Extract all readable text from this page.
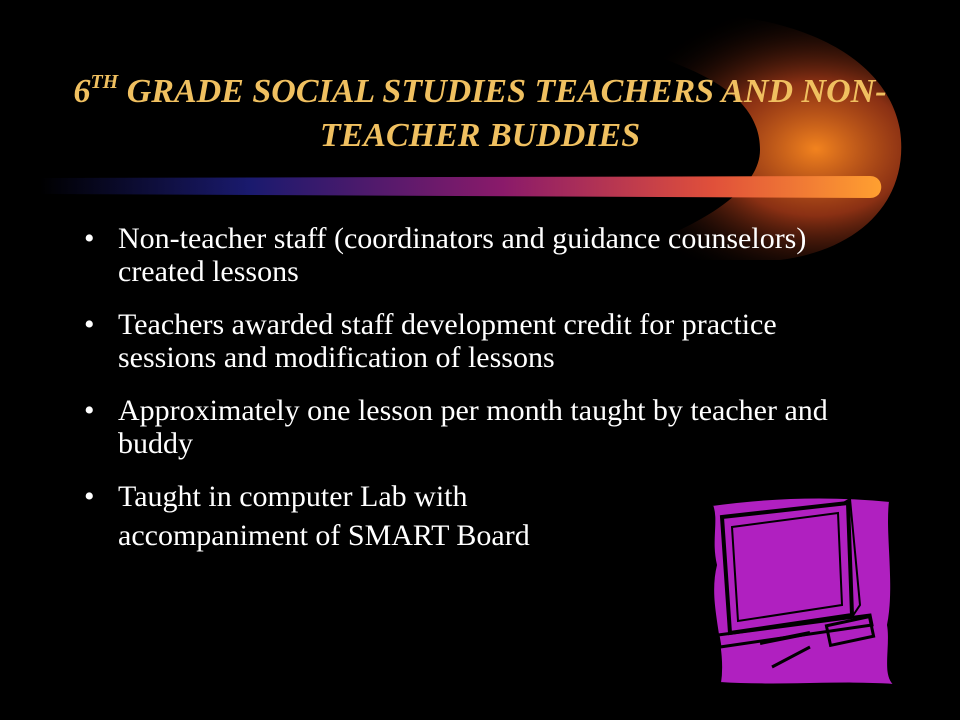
6TH GRADE SOCIAL STUDIES TEACHERS AND NON-TEACHER BUDDIES
• Non-teacher staff (coordinators and guidance counselors) created lessons
• Teachers awarded staff development credit for practice sessions and modification of lessons
• Approximately one lesson per month taught by teacher and buddy
• Taught in computer Lab with
accompaniment of SMART Board
